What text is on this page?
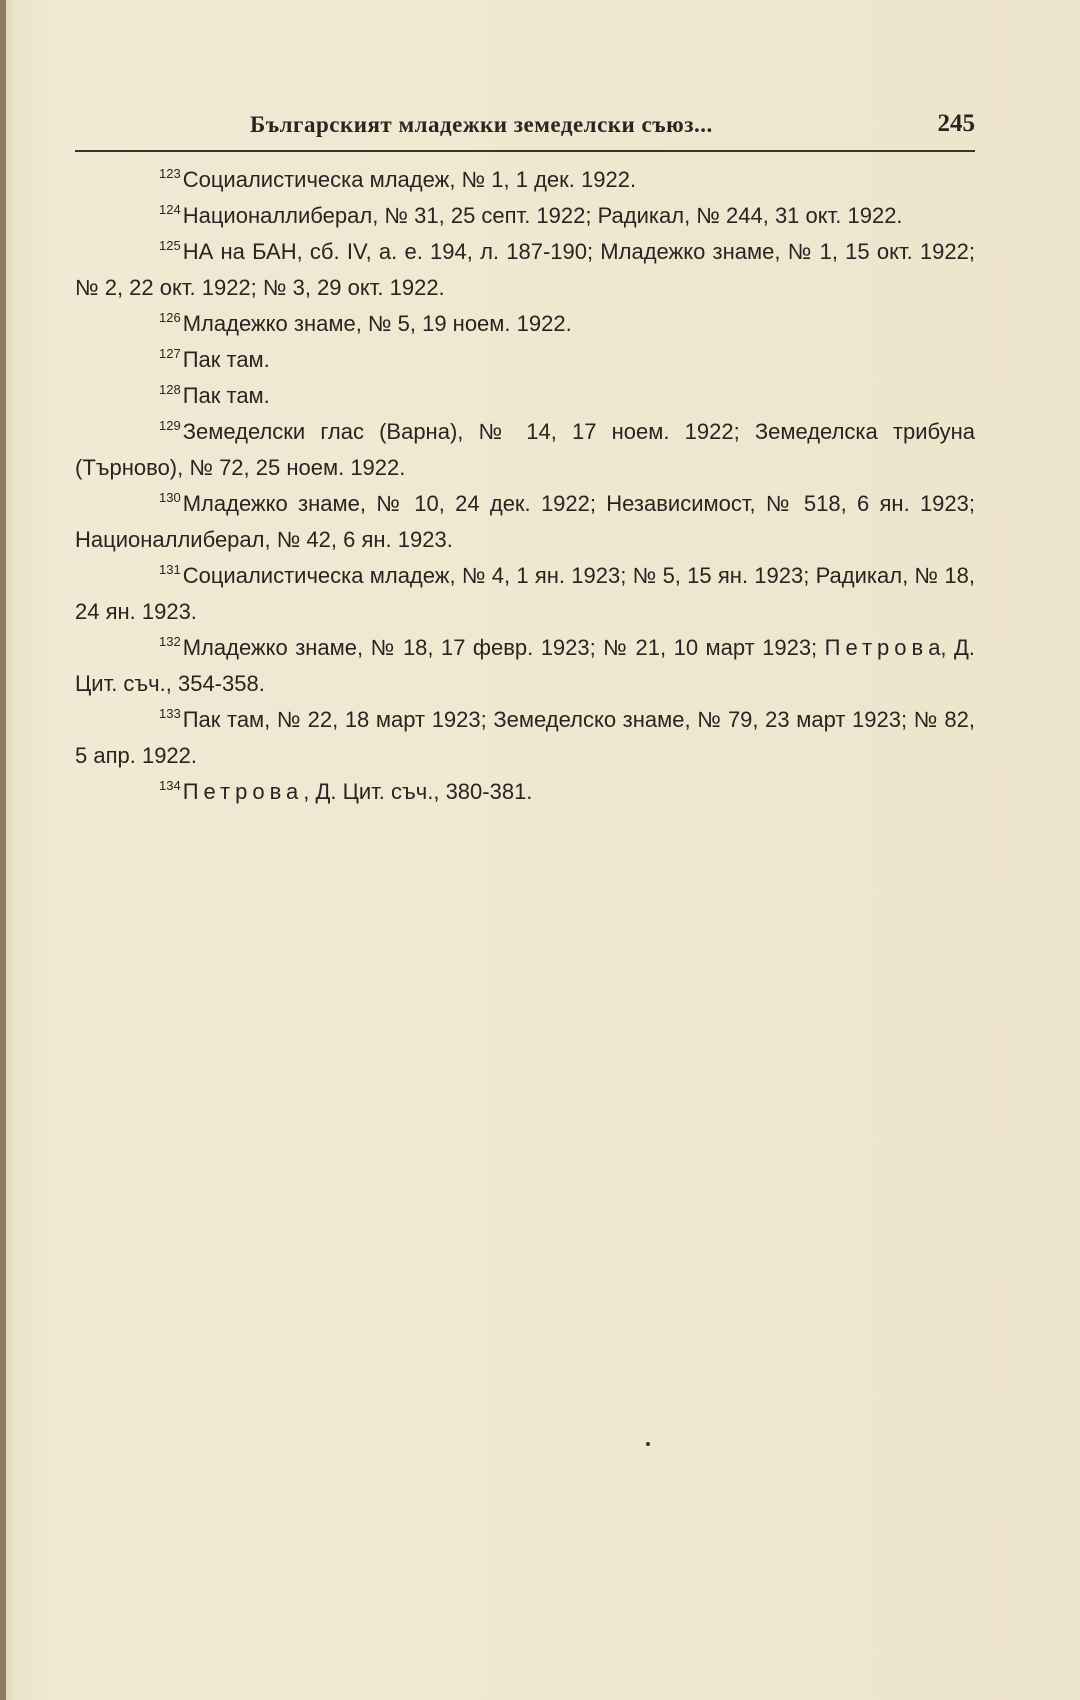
Българският младежки земеделски съюз...	245

$^{123}$Социалистическа младеж, № 1, 1 дек. 1922.

$^{124}$Националлиберал, № 31, 25 септ. 1922; Радикал, № 244, 31 окт. 1922.

$^{125}$НА на БАН, сб. IV, а. е. 194, л. 187-190; Младежко знаме, № 1, 15 окт. 1922; № 2, 22 окт. 1922; № 3, 29 окт. 1922.

$^{126}$Младежко знаме, № 5, 19 ноем. 1922.

$^{127}$Пак там.

$^{128}$Пак там.

$^{129}$Земеделски глас (Варна), № 14, 17 ноем. 1922; Земеделска трибуна (Търново), № 72, 25 ноем. 1922.

$^{130}$Младежко знаме, № 10, 24 дек. 1922; Независимост, № 518, 6 ян. 1923; Националлиберал, № 42, 6 ян. 1923.

$^{131}$Социалистическа младеж, № 4, 1 ян. 1923; № 5, 15 ян. 1923; Радикал, № 18, 24 ян. 1923.

$^{132}$Младежко знаме, № 18, 17 февр. 1923; № 21, 10 март 1923; Петрова, Д. Цит. съч., 354-358.

$^{133}$Пак там, № 22, 18 март 1923; Земеделско знаме, № 79, 23 март 1923; № 82, 5 апр. 1922.

$^{134}$Петрова, Д. Цит. съч., 380-381.
